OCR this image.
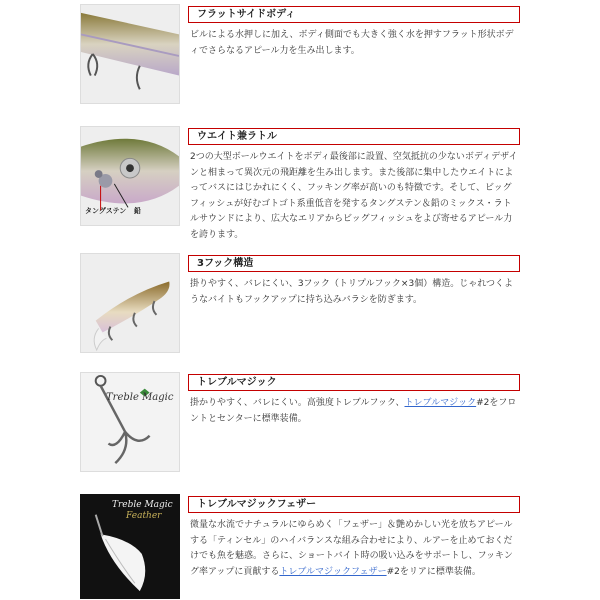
フラットサイドボディ
ビルによる水押しに加え、ボディ側面でも大きく強く水を押すフラット形状ボディでさらなるアピール力を生み出します。
タングステン 鉛
ウエイト兼ラトル
2つの大型ボールウエイトをボディ最後部に設置、空気抵抗の少ないボディデザインと相まって異次元の飛距離を生み出します。また後部に集中したウエイトによってバスにはじかれにくく、フッキング率が高いのも特徴です。そして、ビッグフィッシュが好むゴトゴト系重低音を発するタングステン＆鉛のミックス・ラトルサウンドにより、広大なエリアからビッグフィッシュをよび寄せるアピール力を誇ります。
3フック構造
掛りやすく、バレにくい、3フック（トリプルフック×3個）構造。じゃれつくようなバイトもフックアップに持ち込みバラシを防ぎます。
Treble Magic
トレブルマジック
掛かりやすく、バレにくい。高強度トレブルフック、トレブルマジック#2をフロントとセンターに標準装備。
Treble Magic
Feather
トレブルマジックフェザー
微量な水流でナチュラルにゆらめく「フェザー」＆艶めかしい光を放ちアピールする「ティンセル」のハイバランスな組み合わせにより、ルアーを止めておくだけでも魚を魅惑。さらに、ショートバイト時の吸い込みをサポートし、フッキング率アップに貢献するトレブルマジックフェザー#2をリアに標準装備。
